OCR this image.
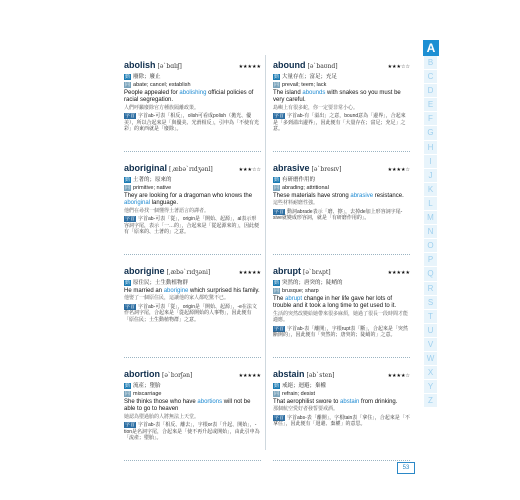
abolish [əˋbɑlɪʃ]	★★★★★
動 廢除；廢止
同 abate; cancel; establish
People appealed for abolishing official policies of racial segregation.
人們呼籲廢除官方種族隔離政策。
字首 字首ab-可表「相反」，olish可看成polish（拋光、優美），所以合起來是「與優美、光滑相反」，引申為「不使有光彩」的東西就是「廢除」。
aboriginal [ˌæbəˋrɪdʒənl]	★★★☆☆
動 土著的；原來的
同 primitive; native
They are looking for a dragoman who knows the aboriginal language.
他們在尋找一個懂得土著語言的譯者。
字首 字首ab-可表「從」，origin是「開始、起源」，al表示形容詞字尾，表示「一…的」，合起來是「從起源來的」，因此便有「原來的、土著的」之意。
aborigine [ˌæbəˋrɪdʒəni]	★★★★★
動 原住民；土生動植物群
He married an aborigine which surprised his family.
他娶了一個原住民，這讓他的家人都吃驚不已。
字首 字首ab-可表「從」，origin是「開始、起源」，-e在法文作名詞字尾，合起來是「從起源開始的人事物」，因此便有「原住民；土生動植物群」之意。
abortion [əˋbɔrʃən]	★★★★★
動 流產；墮胎
同 miscarriage
She thinks those who have abortions will not be able to go to heaven
她認為墮過胎的人將無法上天堂。
字首 字首ab-表「相反、離去」，字根or表「升起、開始」，-tion是名詞字尾，合起來是「使不再升起或開始」，由此引申為「流產；墮胎」。
abound [əˋbaʊnd]	★★★☆☆
動 大量存在；富足；充足
同 prevail; teem; lack
The island abounds with snakes so you must be very careful.
島嶼上有很多蛇，你一定要非常小心。
字首 字首ab-有「溢出」之意，bound意為「邊界」，合起來是「多到溢出邊界」，因此便有「大量存在；富足；充足」之意。
abrasive [əˋbresɪv]	★★★★☆
動 有研磨作用的
同 abrading; attritional
These materials have strong abrasive resistance.
這些材料耐磨性強。
字首 動詞abrade表示「磨、擦」，去掉de加上形容詞字尾-sive就變成形容詞，就是「有研磨作用的」。
abrupt [əˋbrʌpt]	★★★★★
動 突然的；唐突的；陡峭的
同 brusque; sharp
The abrupt change in her life gave her lots of trouble and it took a long time to get used to it.
生活的突然改變給她帶來很多麻煩，她過了很長一段時間才能適應。
字首 字首ab-表「離開」，字根rupt表「斷」，合起來是「突然斷開的」，因此便有「突然的；唐突的；陡峭的」之意。
abstain [əbˋsten]	★★★★☆
動 戒絕；迴避；棄權
同 refrain; desist
That aerophilist swore to abstain from drinking.
那個航空愛好者發誓要戒酒。
字首 字首abs-表「離開」，字根tain表「拿住」，合起來是「不拿住」，因此便有「迴避、棄權」的意思。
A
B
C
D
E
F
G
H
I
J
K
L
M
N
O
P
Q
R
S
T
U
V
W
X
Y
Z
53
